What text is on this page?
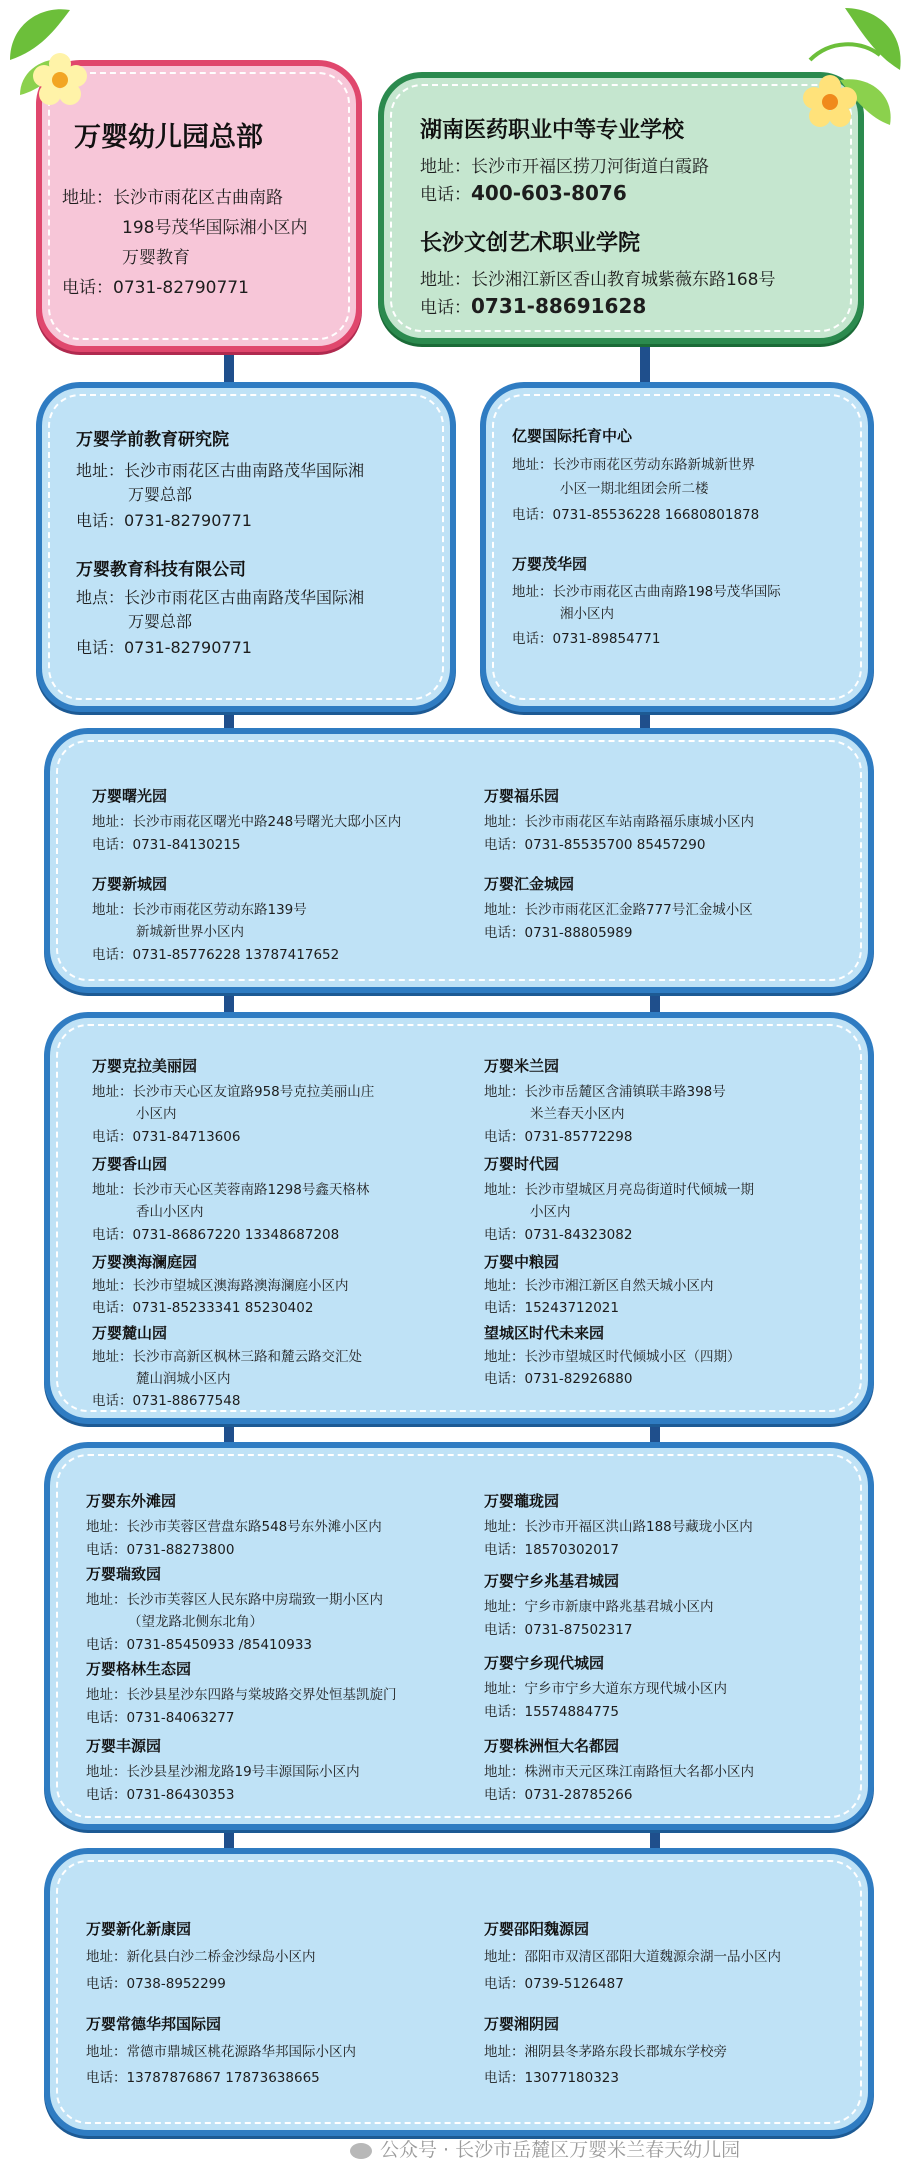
万婴幼儿园总部
地址：长沙市雨花区古曲南路
198号茂华国际湘小区内
万婴教育
电话：0731-82790771
湖南医药职业中等专业学校
地址：长沙市开福区捞刀河街道白霞路
电话：400-603-8076
长沙文创艺术职业学院
地址：长沙湘江新区香山教育城紫薇东路168号
电话：0731-88691628
万婴学前教育研究院
地址：长沙市雨花区古曲南路茂华国际湘
万婴总部
电话：0731-82790771
万婴教育科技有限公司
地点：长沙市雨花区古曲南路茂华国际湘
万婴总部
电话：0731-82790771
亿婴国际托育中心
地址：长沙市雨花区劳动东路新城新世界
小区一期北组团会所二楼
电话：0731-85536228 16680801878
万婴茂华园
地址：长沙市雨花区古曲南路198号茂华国际
湘小区内
电话：0731-89854771
万婴曙光园
地址：长沙市雨花区曙光中路248号曙光大邸小区内
电话：0731-84130215
万婴新城园
地址：长沙市雨花区劳动东路139号
新城新世界小区内
电话：0731-85776228 13787417652
万婴福乐园
地址：长沙市雨花区车站南路福乐康城小区内
电话：0731-85535700 85457290
万婴汇金城园
地址：长沙市雨花区汇金路777号汇金城小区
电话：0731-88805989
万婴克拉美丽园
地址：长沙市天心区友谊路958号克拉美丽山庄
小区内
电话：0731-84713606
万婴香山园
地址：长沙市天心区芙蓉南路1298号鑫天格林
香山小区内
电话：0731-86867220 13348687208
万婴澳海澜庭园
地址：长沙市望城区澳海路澳海澜庭小区内
电话：0731-85233341 85230402
万婴麓山园
地址：长沙市高新区枫林三路和麓云路交汇处
麓山润城小区内
电话：0731-88677548
万婴米兰园
地址：长沙市岳麓区含浦镇联丰路398号
米兰春天小区内
电话：0731-85772298
万婴时代园
地址：长沙市望城区月亮岛街道时代倾城一期
小区内
电话：0731-84323082
万婴中粮园
地址：长沙市湘江新区自然天城小区内
电话：15243712021
望城区时代未来园
地址：长沙市望城区时代倾城小区（四期）
电话：0731-82926880
万婴东外滩园
地址：长沙市芙蓉区营盘东路548号东外滩小区内
电话：0731-88273800
万婴瑞致园
地址：长沙市芙蓉区人民东路中房瑞致一期小区内
（望龙路北侧东北角）
电话：0731-85450933 /85410933
万婴格林生态园
地址：长沙县星沙东四路与棠坡路交界处恒基凯旋门
电话：0731-84063277
万婴丰源园
地址：长沙县星沙湘龙路19号丰源国际小区内
电话：0731-86430353
万婴瓏珑园
地址：长沙市开福区洪山路188号藏珑小区内
电话：18570302017
万婴宁乡兆基君城园
地址：宁乡市新康中路兆基君城小区内
电话：0731-87502317
万婴宁乡现代城园
地址：宁乡市宁乡大道东方现代城小区内
电话：15574884775
万婴株洲恒大名都园
地址：株洲市天元区珠江南路恒大名都小区内
电话：0731-28785266
万婴新化新康园
地址：新化县白沙二桥金沙绿岛小区内
电话：0738-8952299
万婴常德华邦国际园
地址：常德市鼎城区桃花源路华邦国际小区内
电话：13787876867 17873638665
万婴邵阳魏源园
地址：邵阳市双清区邵阳大道魏源佘湖一品小区内
电话：0739-5126487
万婴湘阴园
地址：湘阴县冬茅路东段长郡城东学校旁
电话：13077180323
公众号 · 长沙市岳麓区万婴米兰春天幼儿园
